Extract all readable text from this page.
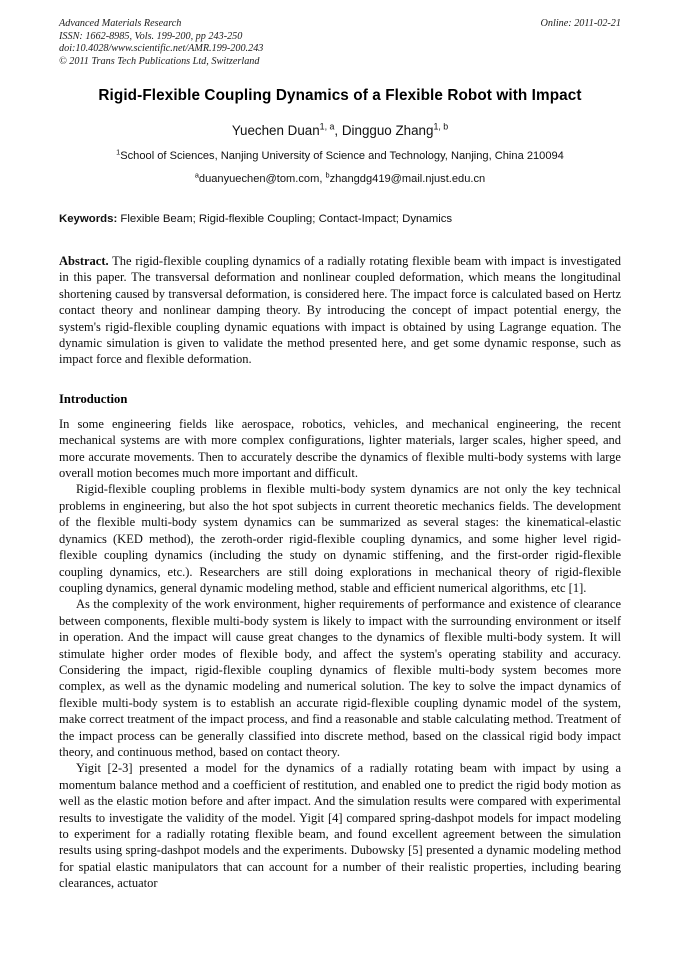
Advanced Materials Research
ISSN: 1662-8985, Vols. 199-200, pp 243-250
doi:10.4028/www.scientific.net/AMR.199-200.243
© 2011 Trans Tech Publications Ltd, Switzerland
Online: 2011-02-21
Rigid-Flexible Coupling Dynamics of a Flexible Robot with Impact
Yuechen Duan$^{1, a}$, Dingguo Zhang$^{1, b}$
$^1$School of Sciences, Nanjing University of Science and Technology, Nanjing, China 210094
$^a$duanyuechen@tom.com, $^b$zhangdg419@mail.njust.edu.cn
Keywords: Flexible Beam; Rigid-flexible Coupling; Contact-Impact; Dynamics
Abstract. The rigid-flexible coupling dynamics of a radially rotating flexible beam with impact is investigated in this paper. The transversal deformation and nonlinear coupled deformation, which means the longitudinal shortening caused by transversal deformation, is considered here. The impact force is calculated based on Hertz contact theory and nonlinear damping theory. By introducing the concept of impact potential energy, the system's rigid-flexible coupling dynamic equations with impact is obtained by using Lagrange equation. The dynamic simulation is given to validate the method presented here, and get some dynamic response, such as impact force and flexible deformation.
Introduction
In some engineering fields like aerospace, robotics, vehicles, and mechanical engineering, the recent mechanical systems are with more complex configurations, lighter materials, larger scales, higher speed, and more accurate movements. Then to accurately describe the dynamics of flexible multi-body systems with large overall motion becomes much more important and difficult.
Rigid-flexible coupling problems in flexible multi-body system dynamics are not only the key technical problems in engineering, but also the hot spot subjects in current theoretic mechanics fields. The development of the flexible multi-body system dynamics can be summarized as several stages: the kinematical-elastic dynamics (KED method), the zeroth-order rigid-flexible coupling dynamics, and some higher level rigid-flexible coupling dynamics (including the study on dynamic stiffening, and the first-order rigid-flexible coupling dynamics, etc.). Researchers are still doing explorations in mechanical theory of rigid-flexible coupling dynamics, general dynamic modeling method, stable and efficient numerical algorithms, etc [1].
As the complexity of the work environment, higher requirements of performance and existence of clearance between components, flexible multi-body system is likely to impact with the surrounding environment or itself in operation. And the impact will cause great changes to the dynamics of flexible multi-body system. It will stimulate higher order modes of flexible body, and affect the system's operating stability and accuracy. Considering the impact, rigid-flexible coupling dynamics of flexible multi-body system becomes more complex, as well as the dynamic modeling and numerical solution. The key to solve the impact dynamics of flexible multi-body system is to establish an accurate rigid-flexible coupling dynamic model of the system, make correct treatment of the impact process, and find a reasonable and stable calculating method. Treatment of the impact process can be generally classified into discrete method, based on the classical rigid body impact theory, and continuous method, based on contact theory.
Yigit [2-3] presented a model for the dynamics of a radially rotating beam with impact by using a momentum balance method and a coefficient of restitution, and enabled one to predict the rigid body motion as well as the elastic motion before and after impact. And the simulation results were compared with experimental results to investigate the validity of the model. Yigit [4] compared spring-dashpot models for impact modeling to experiment for a radially rotating flexible beam, and found excellent agreement between the simulation results using spring-dashpot models and the experiments. Dubowsky [5] presented a dynamic modeling method for spatial elastic manipulators that can account for a number of their realistic properties, including bearing clearances, actuator
